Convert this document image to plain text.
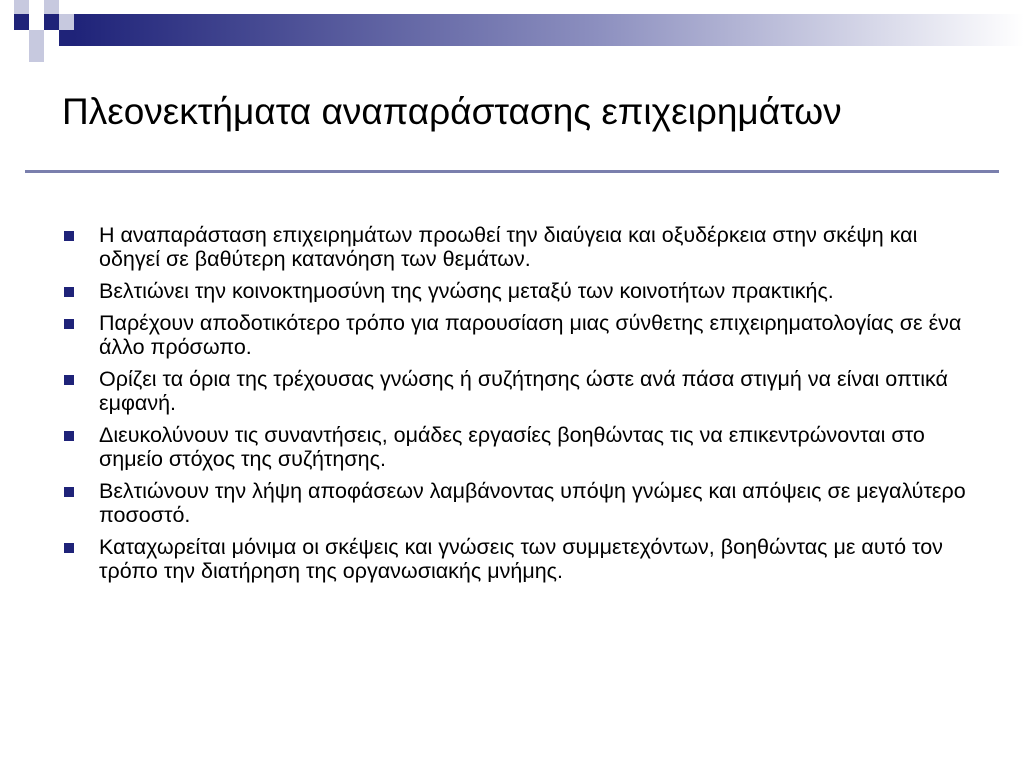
Πλεονεκτήματα αναπαράστασης επιχειρημάτων
Η αναπαράσταση επιχειρημάτων προωθεί την διαύγεια και οξυδέρκεια στην σκέψη και οδηγεί σε βαθύτερη κατανόηση των θεμάτων.
Βελτιώνει την κοινοκτημοσύνη της γνώσης μεταξύ των κοινοτήτων πρακτικής.
Παρέχουν αποδοτικότερο τρόπο για παρουσίαση μιας σύνθετης επιχειρηματολογίας σε ένα άλλο πρόσωπο.
Ορίζει τα όρια της τρέχουσας γνώσης ή συζήτησης ώστε ανά πάσα στιγμή να είναι οπτικά εμφανή.
Διευκολύνουν τις συναντήσεις, ομάδες εργασίες βοηθώντας τις να επικεντρώνονται στο σημείο στόχος της συζήτησης.
Βελτιώνουν την λήψη αποφάσεων λαμβάνοντας υπόψη γνώμες και απόψεις σε μεγαλύτερο ποσοστό.
Καταχωρείται μόνιμα οι σκέψεις και γνώσεις των συμμετεχόντων, βοηθώντας με αυτό τον τρόπο την διατήρηση της οργανωσιακής μνήμης.
